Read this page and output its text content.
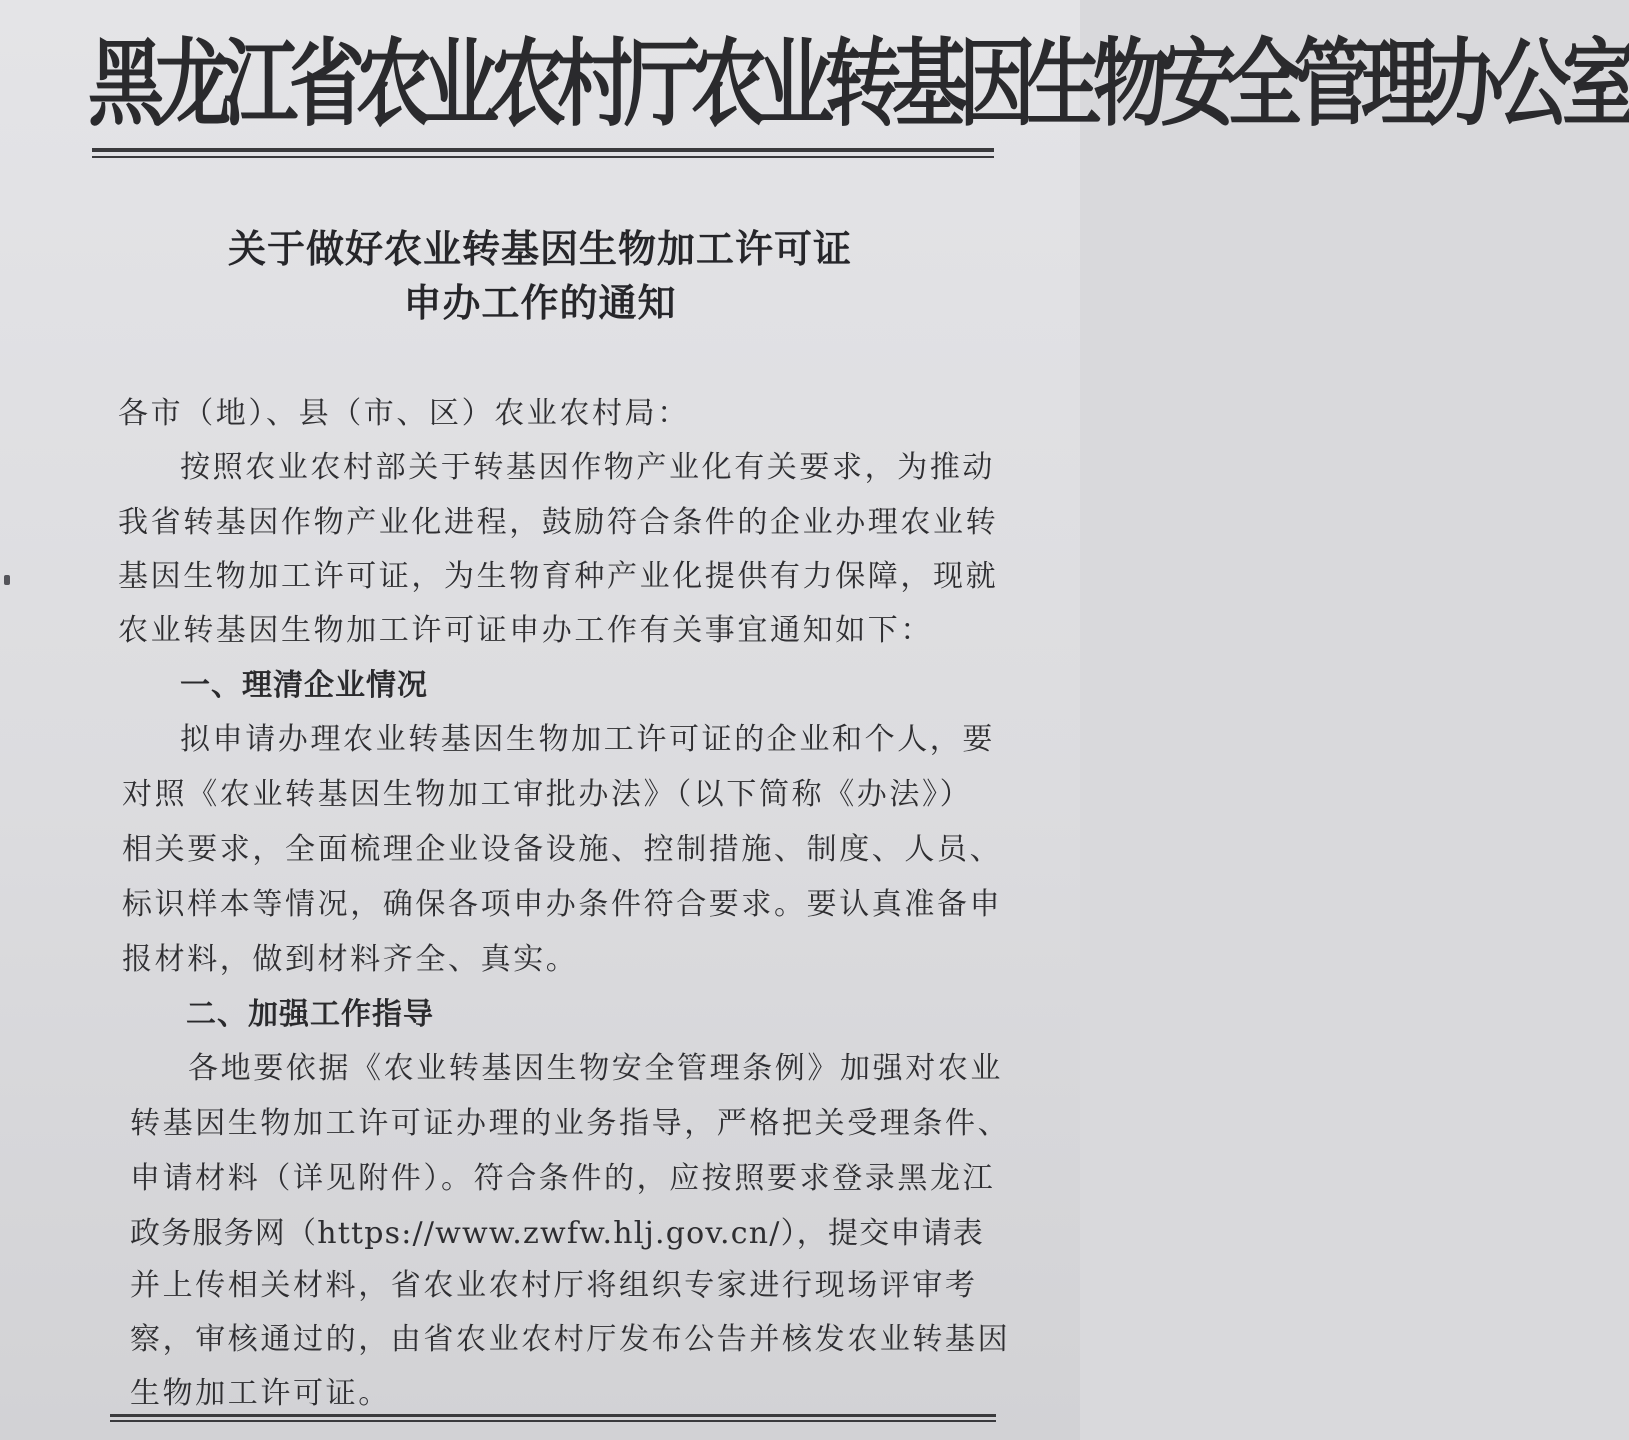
黑龙江省农业农村厅农业转基因生物安全管理办公室
关于做好农业转基因生物加工许可证
申办工作的通知
各市（地）、县（市、区）农业农村局：
按照农业农村部关于转基因作物产业化有关要求，为推动
我省转基因作物产业化进程，鼓励符合条件的企业办理农业转
基因生物加工许可证，为生物育种产业化提供有力保障，现就
农业转基因生物加工许可证申办工作有关事宜通知如下：
一、理清企业情况
拟申请办理农业转基因生物加工许可证的企业和个人，要
对照《农业转基因生物加工审批办法》（以下简称《办法》）
相关要求，全面梳理企业设备设施、控制措施、制度、人员、
标识样本等情况，确保各项申办条件符合要求。要认真准备申
报材料，做到材料齐全、真实。
二、加强工作指导
各地要依据《农业转基因生物安全管理条例》加强对农业
转基因生物加工许可证办理的业务指导，严格把关受理条件、
申请材料（详见附件）。符合条件的，应按照要求登录黑龙江
政务服务网（https://www.zwfw.hlj.gov.cn/），提交申请表
并上传相关材料，省农业农村厅将组织专家进行现场评审考
察，审核通过的，由省农业农村厅发布公告并核发农业转基因
生物加工许可证。
